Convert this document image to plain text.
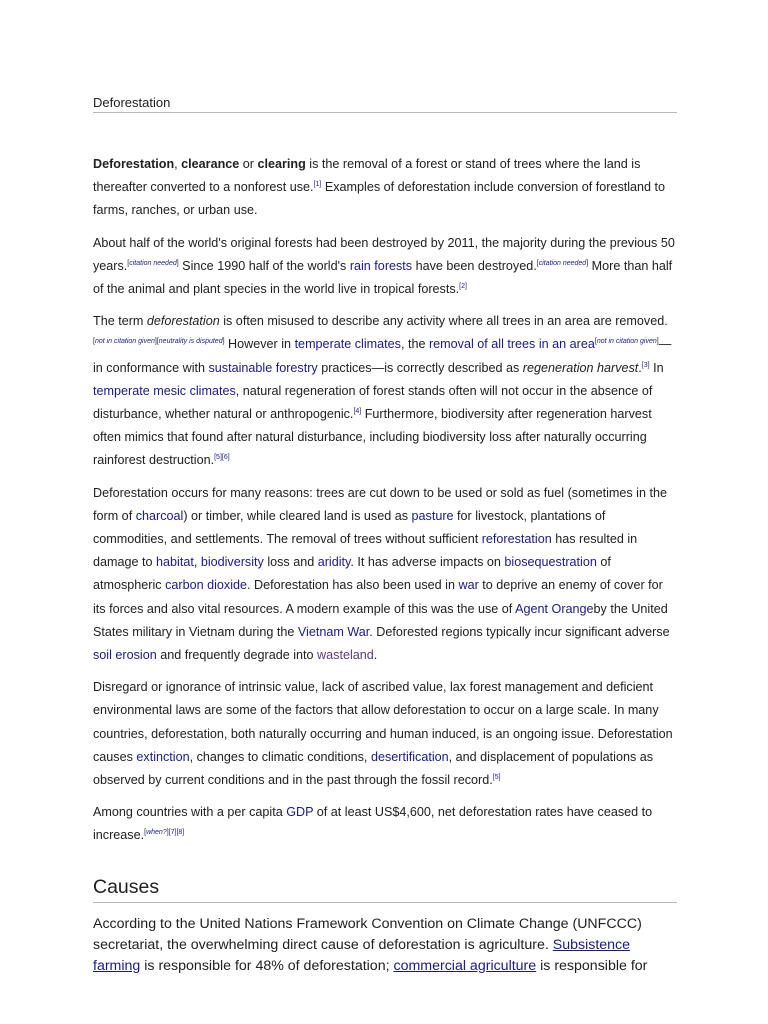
Deforestation

Deforestation, clearance or clearing is the removal of a forest or stand of trees where the land is thereafter converted to a nonforest use.[1] Examples of deforestation include conversion of forestland to farms, ranches, or urban use.

About half of the world's original forests had been destroyed by 2011, the majority during the previous 50 years.[citation needed] Since 1990 half of the world's rain forests have been destroyed.[citation needed] More than half of the animal and plant species in the world live in tropical forests.[2]

The term deforestation is often misused to describe any activity where all trees in an area are removed.[not in citation given][neutrality is disputed] However in temperate climates, the removal of all trees in an area[not in citation given]—in conformance with sustainable forestry practices—is correctly described as regeneration harvest.[3] In temperate mesic climates, natural regeneration of forest stands often will not occur in the absence of disturbance, whether natural or anthropogenic.[4] Furthermore, biodiversity after regeneration harvest often mimics that found after natural disturbance, including biodiversity loss after naturally occurring rainforest destruction.[5][6]

Deforestation occurs for many reasons: trees are cut down to be used or sold as fuel (sometimes in the form of charcoal) or timber, while cleared land is used as pasture for livestock, plantations of commodities, and settlements. The removal of trees without sufficient reforestation has resulted in damage to habitat, biodiversity loss and aridity. It has adverse impacts on biosequestration of atmospheric carbon dioxide. Deforestation has also been used in war to deprive an enemy of cover for its forces and also vital resources. A modern example of this was the use of Agent Orangeby the United States military in Vietnam during the Vietnam War. Deforested regions typically incur significant adverse soil erosion and frequently degrade into wasteland.

Disregard or ignorance of intrinsic value, lack of ascribed value, lax forest management and deficient environmental laws are some of the factors that allow deforestation to occur on a large scale. In many countries, deforestation, both naturally occurring and human induced, is an ongoing issue. Deforestation causes extinction, changes to climatic conditions, desertification, and displacement of populations as observed by current conditions and in the past through the fossil record.[5]

Among countries with a per capita GDP of at least US$4,600, net deforestation rates have ceased to increase.[when?][7][8]

Causes

According to the United Nations Framework Convention on Climate Change (UNFCCC) secretariat, the overwhelming direct cause of deforestation is agriculture. Subsistence farming is responsible for 48% of deforestation; commercial agriculture is responsible for
